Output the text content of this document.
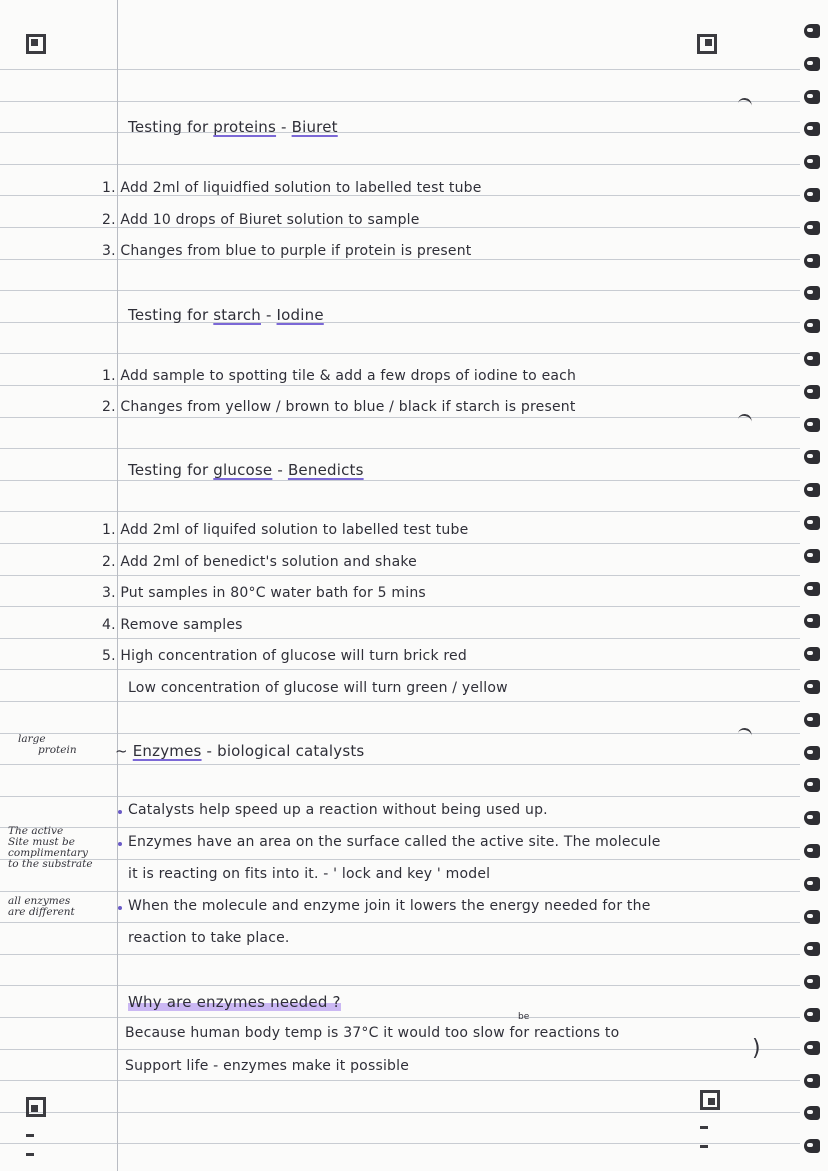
Testing for proteins - Biuret
1. Add 2ml of liquidfied solution to labelled test tube
2. Add 10 drops of Biuret solution to sample
3. Changes from blue to purple if protein is present
Testing for starch - Iodine
1. Add sample to spotting tile & add a few drops of iodine to each
2. Changes from yellow / brown to blue / black if starch is present
Testing for glucose - Benedicts
1. Add 2ml of liquifed solution to labelled test tube
2. Add 2ml of benedict's solution and shake
3. Put samples in 80°C water bath for 5 mins
4. Remove samples
5. High concentration of glucose will turn brick red
Low concentration of glucose will turn green / yellow
large
protein	~ Enzymes - biological catalysts
The active
Site must be
complimentary
to the substrate
all enzymes
are different
Catalysts help speed up a reaction without being used up.
Enzymes have an area on the surface called the active site. The molecule
it is reacting on fits into it. - ' lock and key ' model
When the molecule and enzyme join it lowers the energy needed for the
reaction to take place.
Why are enzymes needed ?
be
Because human body temp is 37°C it would too slow for reactions to
)
Support life - enzymes make it possible
